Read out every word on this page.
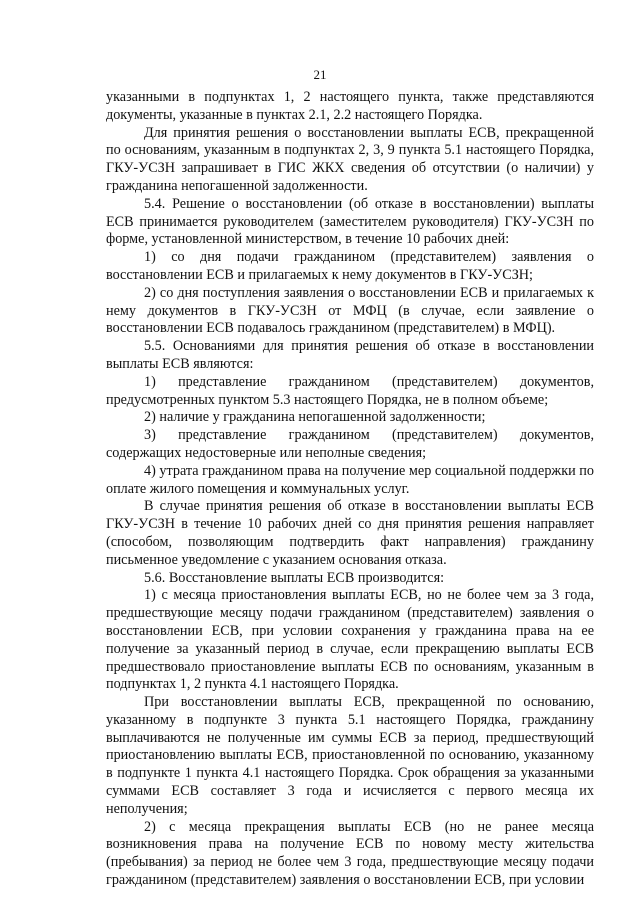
21

указанными в подпунктах 1, 2 настоящего пункта, также представляются документы, указанные в пунктах 2.1, 2.2 настоящего Порядка.

Для принятия решения о восстановлении выплаты ЕСВ, прекращенной по основаниям, указанным в подпунктах 2, 3, 9 пункта 5.1 настоящего Порядка, ГКУ-УСЗН запрашивает в ГИС ЖКХ сведения об отсутствии (о наличии) у гражданина непогашенной задолженности.

5.4. Решение о восстановлении (об отказе в восстановлении) выплаты ЕСВ принимается руководителем (заместителем руководителя) ГКУ-УСЗН по форме, установленной министерством, в течение 10 рабочих дней:

1) со дня подачи гражданином (представителем) заявления о восстановлении ЕСВ и прилагаемых к нему документов в ГКУ-УСЗН;

2) со дня поступления заявления о восстановлении ЕСВ и прилагаемых к нему документов в ГКУ-УСЗН от МФЦ (в случае, если заявление о восстановлении ЕСВ подавалось гражданином (представителем) в МФЦ).

5.5. Основаниями для принятия решения об отказе в восстановлении выплаты ЕСВ являются:

1) представление гражданином (представителем) документов, предусмотренных пунктом 5.3 настоящего Порядка, не в полном объеме;

2) наличие у гражданина непогашенной задолженности;

3) представление гражданином (представителем) документов, содержащих недостоверные или неполные сведения;

4) утрата гражданином права на получение мер социальной поддержки по оплате жилого помещения и коммунальных услуг.

В случае принятия решения об отказе в восстановлении выплаты ЕСВ ГКУ-УСЗН в течение 10 рабочих дней со дня принятия решения направляет (способом, позволяющим подтвердить факт направления) гражданину письменное уведомление с указанием основания отказа.

5.6. Восстановление выплаты ЕСВ производится:

1) с месяца приостановления выплаты ЕСВ, но не более чем за 3 года, предшествующие месяцу подачи гражданином (представителем) заявления о восстановлении ЕСВ, при условии сохранения у гражданина права на ее получение за указанный период в случае, если прекращению выплаты ЕСВ предшествовало приостановление выплаты ЕСВ по основаниям, указанным в подпунктах 1, 2 пункта 4.1 настоящего Порядка.

При восстановлении выплаты ЕСВ, прекращенной по основанию, указанному в подпункте 3 пункта 5.1 настоящего Порядка, гражданину выплачиваются не полученные им суммы ЕСВ за период, предшествующий приостановлению выплаты ЕСВ, приостановленной по основанию, указанному в подпункте 1 пункта 4.1 настоящего Порядка. Срок обращения за указанными суммами ЕСВ составляет 3 года и исчисляется с первого месяца их неполучения;

2) с месяца прекращения выплаты ЕСВ (но не ранее месяца возникновения права на получение ЕСВ по новому месту жительства (пребывания) за период не более чем 3 года, предшествующие месяцу подачи гражданином (представителем) заявления о восстановлении ЕСВ, при условии
